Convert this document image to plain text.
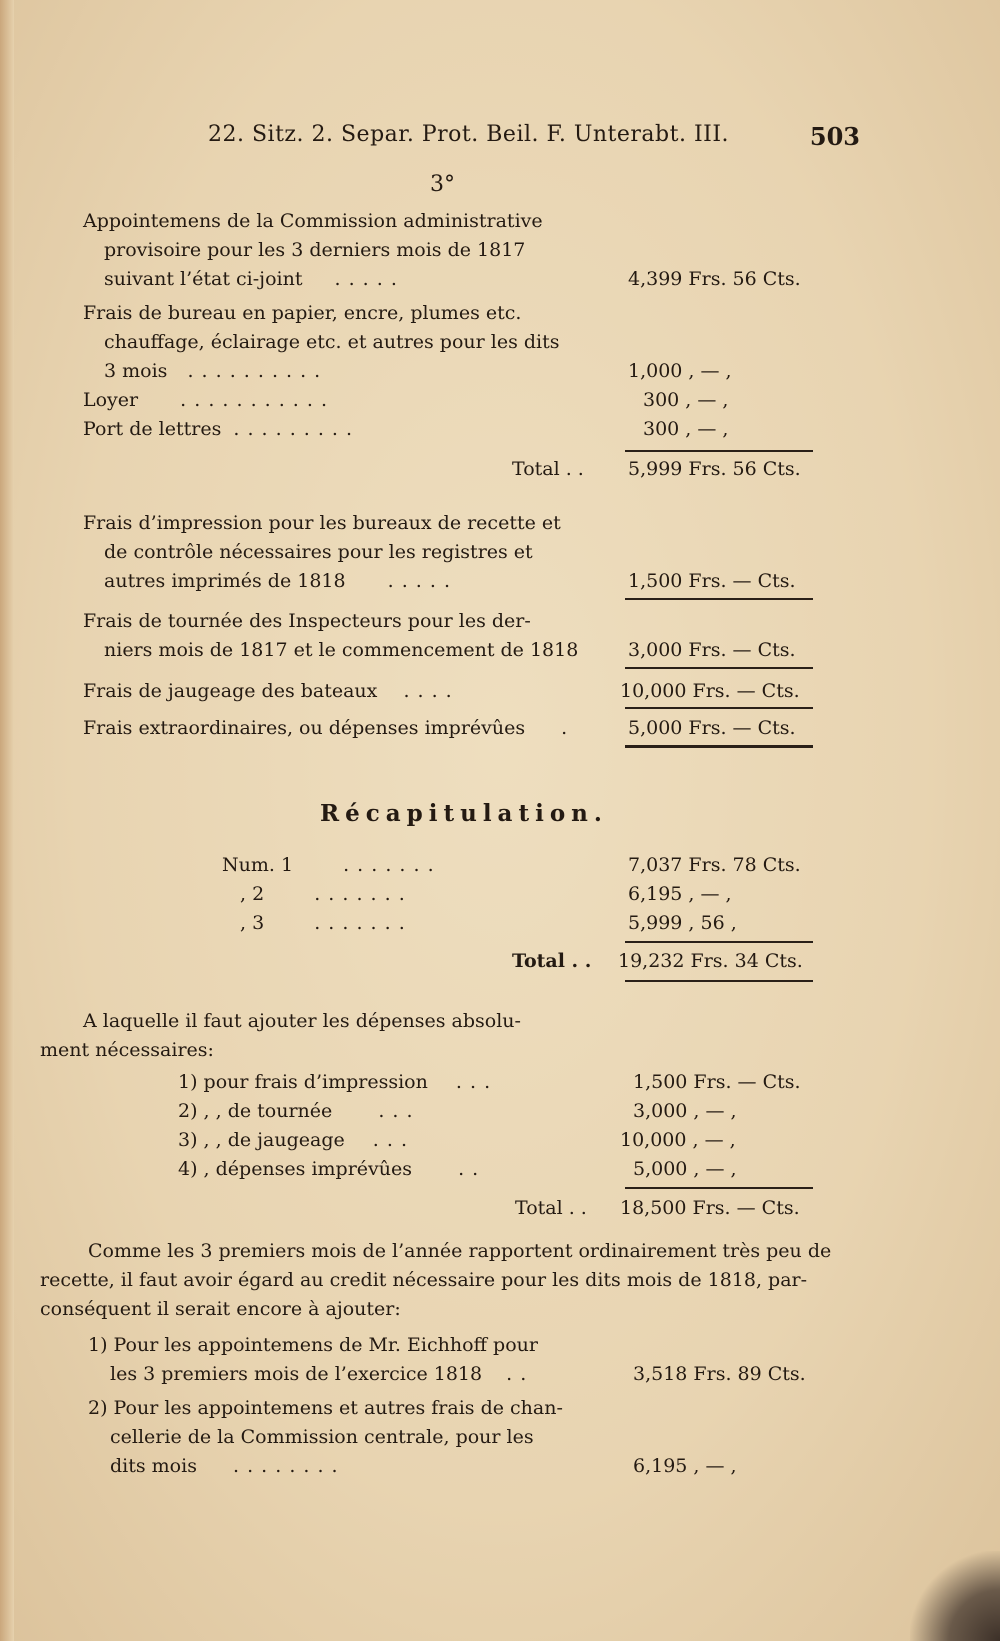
22. Sitz. 2. Separ. Prot. Beil. F. Unterabt. III.	503
3°
Appointemens de la Commission administrative
provisoire pour les 3 derniers mois de 1817
suivant l’état ci-joint . . . . .	4,399 Frs. 56 Cts.
Frais de bureau en papier, encre, plumes etc.
chauffage, éclairage etc. et autres pour les dits
3 mois . . . . . . . . . .	1,000 , — ,
Loyer . . . . . . . . . . .	300 , — ,
Port de lettres . . . . . . . . .	300 , — ,
Total . . 5,999 Frs. 56 Cts.
Frais d’impression pour les bureaux de recette et
de contrôle nécessaires pour les registres et
autres imprimés de 1818 . . . . .	1,500 Frs. — Cts.
Frais de tournée des Inspecteurs pour les der-
niers mois de 1817 et le commencement de 1818	3,000 Frs. — Cts.
Frais de jaugeage des bateaux . . . .	10,000 Frs. — Cts.
Frais extraordinaires, ou dépenses imprévûes .	5,000 Frs. — Cts.
Récapitulation.
Num. 1	. . . . . . .	7,037 Frs. 78 Cts.
, 2	. . . . . . .	6,195 , — ,
, 3	. . . . . . .	5,999 , 56 ,
Total . . 19,232 Frs. 34 Cts.
A laquelle il faut ajouter les dépenses absolu-
ment nécessaires:
1) pour frais d’impression . . .	1,500 Frs. — Cts.
2) , , de tournée . . .	3,000 , — ,
3) , , de jaugeage . . .	10,000 , — ,
4) , dépenses imprévûes . .	5,000 , — ,
Total . . 18,500 Frs. — Cts.
Comme les 3 premiers mois de l’année rapportent ordinairement très peu de
recette, il faut avoir égard au credit nécessaire pour les dits mois de 1818, par-
conséquent il serait encore à ajouter:
1) Pour les appointemens de Mr. Eichhoff pour
les 3 premiers mois de l’exercice 1818 . .	3,518 Frs. 89 Cts.
2) Pour les appointemens et autres frais de chan-
cellerie de la Commission centrale, pour les
dits mois . . . . . . . .	6,195 , — ,
